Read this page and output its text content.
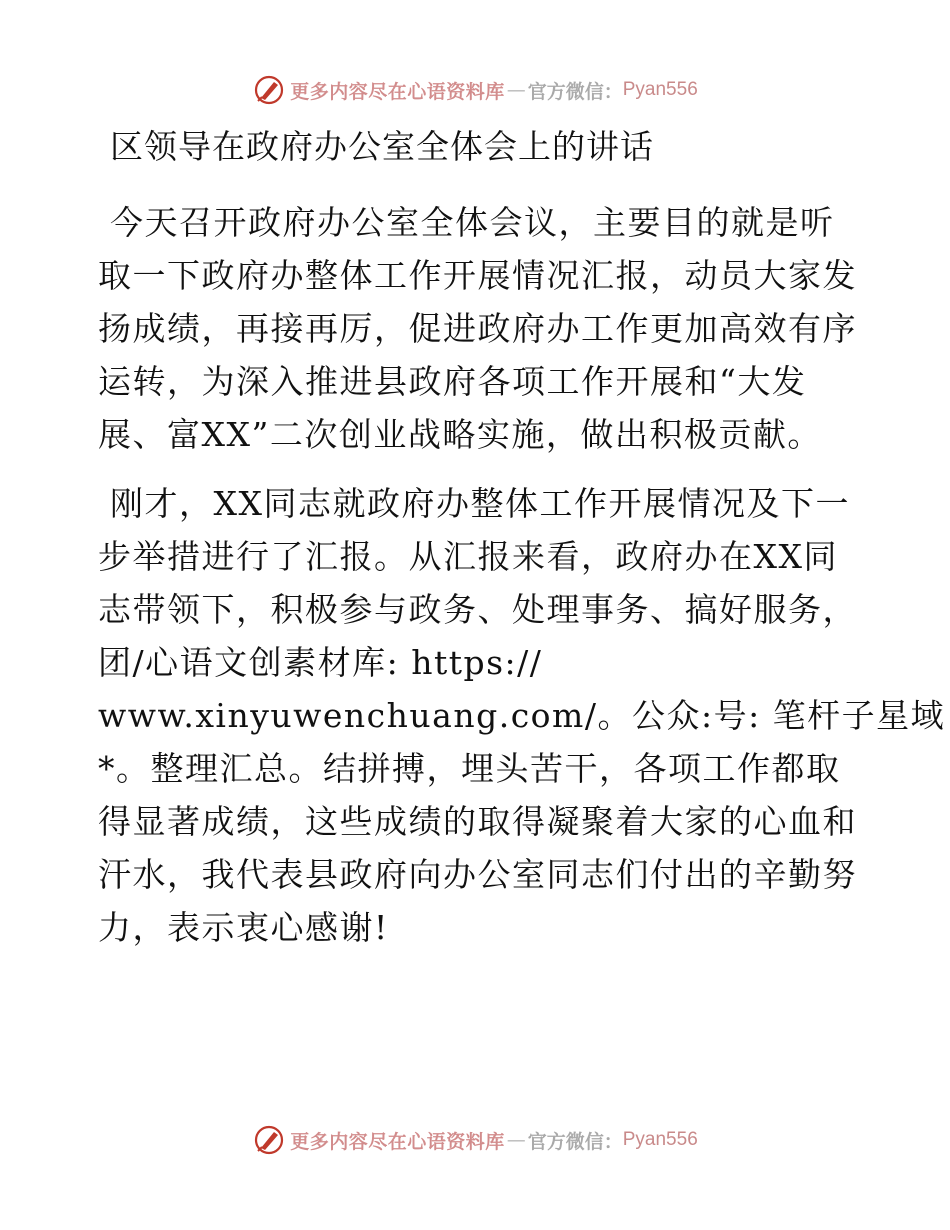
更多内容尽在心语资料库 — 官方微信： Pyan556
区领导在政府办公室全体会上的讲话
今天召开政府办公室全体会议，主要目的就是听
取一下政府办整体工作开展情况汇报，动员大家发
扬成绩，再接再厉，促进政府办工作更加高效有序
运转，为深入推进县政府各项工作开展和“大发
展、富XX”二次创业战略实施，做出积极贡献。
刚才，XX同志就政府办整体工作开展情况及下一
步举措进行了汇报。从汇报来看，政府办在XX同
志带领下，积极参与政务、处理事务、搞好服务，
团/心语文创素材库: https://
www.xinyuwenchuang.com/。公众:号: 笔杆子星域
*。整理汇总。结拼搏，埋头苦干，各项工作都取
得显著成绩，这些成绩的取得凝聚着大家的心血和
汗水，我代表县政府向办公室同志们付出的辛勤努
力，表示衷心感谢!
更多内容尽在心语资料库 — 官方微信： Pyan556
